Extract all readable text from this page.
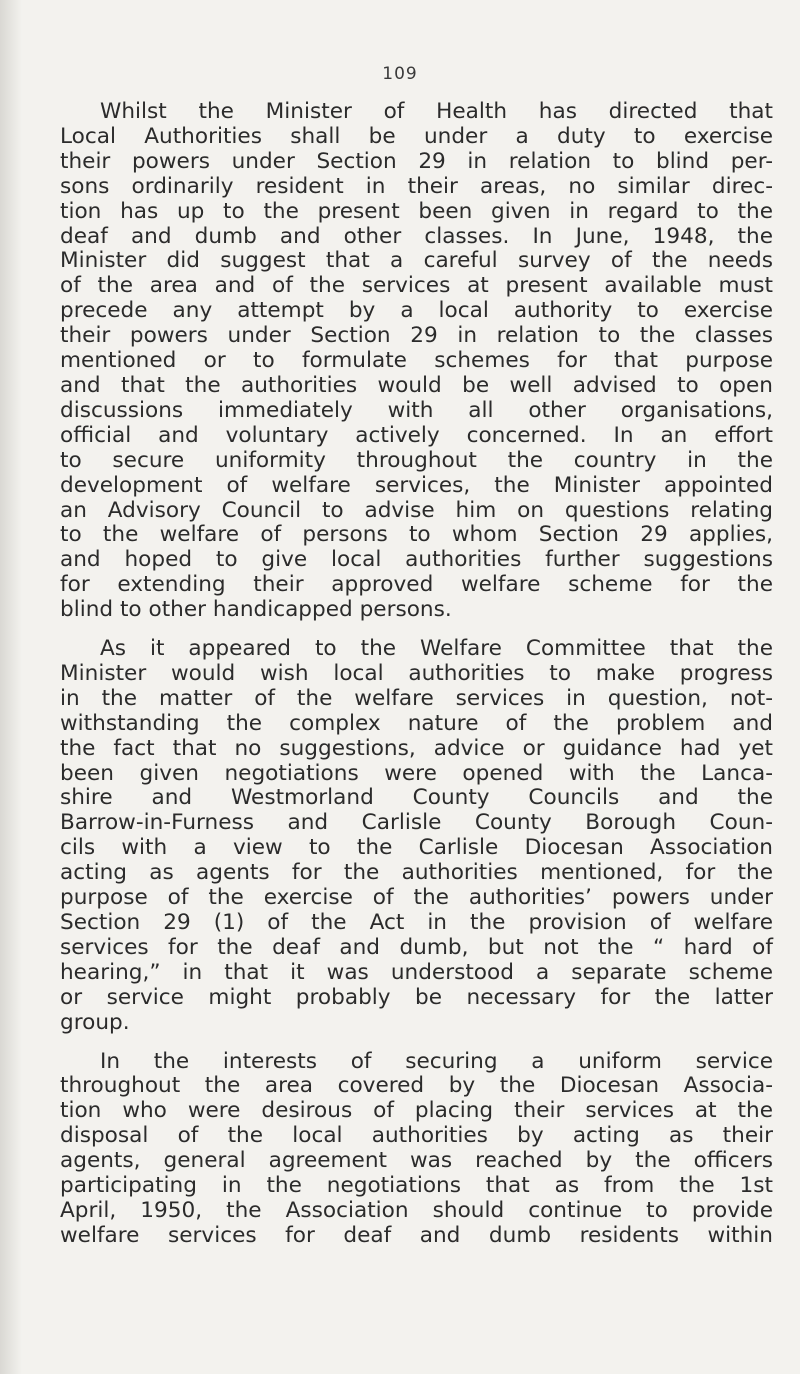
109
Whilst the Minister of Health has directed that
Local Authorities shall be under a duty to exercise
their powers under Section 29 in relation to blind per-
sons ordinarily resident in their areas, no similar direc-
tion has up to the present been given in regard to the
deaf and dumb and other classes. In June, 1948, the
Minister did suggest that a careful survey of the needs
of the area and of the services at present available must
precede any attempt by a local authority to exercise
their powers under Section 29 in relation to the classes
mentioned or to formulate schemes for that purpose
and that the authorities would be well advised to open
discussions immediately with all other organisations,
official and voluntary actively concerned. In an effort
to secure uniformity throughout the country in the
development of welfare services, the Minister appointed
an Advisory Council to advise him on questions relating
to the welfare of persons to whom Section 29 applies,
and hoped to give local authorities further suggestions
for extending their approved welfare scheme for the
blind to other handicapped persons.
As it appeared to the Welfare Committee that the
Minister would wish local authorities to make progress
in the matter of the welfare services in question, not-
withstanding the complex nature of the problem and
the fact that no suggestions, advice or guidance had yet
been given negotiations were opened with the Lanca-
shire and Westmorland County Councils and the
Barrow-in-Furness and Carlisle County Borough Coun-
cils with a view to the Carlisle Diocesan Association
acting as agents for the authorities mentioned, for the
purpose of the exercise of the authorities’ powers under
Section 29 (1) of the Act in the provision of welfare
services for the deaf and dumb, but not the “ hard of
hearing,” in that it was understood a separate scheme
or service might probably be necessary for the latter
group.
In the interests of securing a uniform service
throughout the area covered by the Diocesan Associa-
tion who were desirous of placing their services at the
disposal of the local authorities by acting as their
agents, general agreement was reached by the officers
participating in the negotiations that as from the 1st
April, 1950, the Association should continue to provide
welfare services for deaf and dumb residents within
